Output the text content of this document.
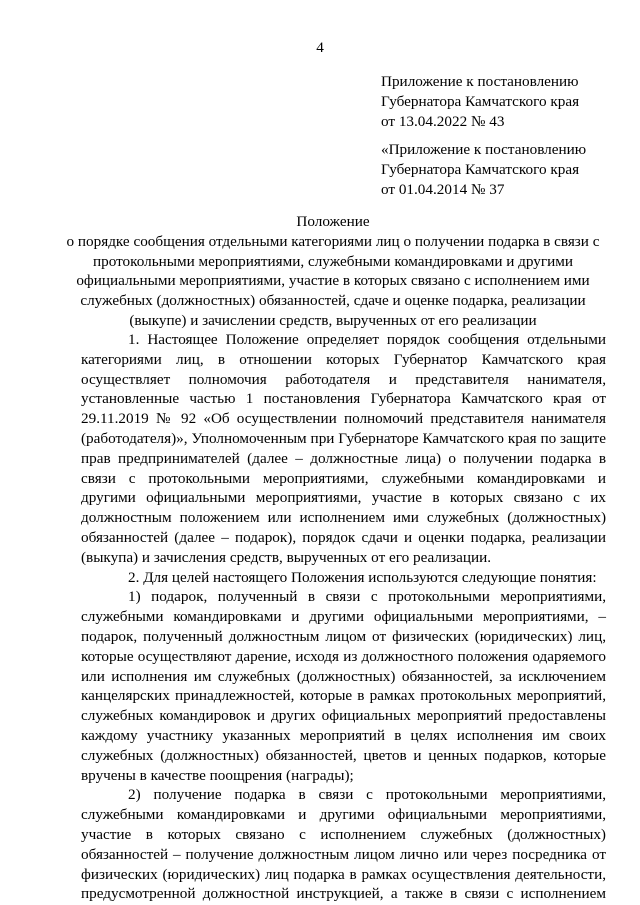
4
Приложение к постановлению
Губернатора Камчатского края
от 13.04.2022 № 43
«Приложение к постановлению
Губернатора Камчатского края
от 01.04.2014 № 37
Положение
о порядке сообщения отдельными категориями лиц о получении подарка в связи с
протокольными мероприятиями, служебными командировками и другими
официальными мероприятиями, участие в которых связано с исполнением ими
служебных (должностных) обязанностей, сдаче и оценке подарка, реализации
(выкупе) и зачислении средств, вырученных от его реализации

1. Настоящее Положение определяет порядок сообщения отдельными категориями лиц, в отношении которых Губернатор Камчатского края осуществляет полномочия работодателя и представителя нанимателя, установленные частью 1 постановления Губернатора Камчатского края от 29.11.2019 № 92 «Об осуществлении полномочий представителя нанимателя (работодателя)», Уполномоченным при Губернаторе Камчатского края по защите прав предпринимателей (далее – должностные лица) о получении подарка в связи с протокольными мероприятиями, служебными командировками и другими официальными мероприятиями, участие в которых связано с их должностным положением или исполнением ими служебных (должностных) обязанностей (далее – подарок), порядок сдачи и оценки подарка, реализации (выкупа) и зачисления средств, вырученных от его реализации.

2. Для целей настоящего Положения используются следующие понятия:

1) подарок, полученный в связи с протокольными мероприятиями, служебными командировками и другими официальными мероприятиями, – подарок, полученный должностным лицом от физических (юридических) лиц, которые осуществляют дарение, исходя из должностного положения одаряемого или исполнения им служебных (должностных) обязанностей, за исключением канцелярских принадлежностей, которые в рамках протокольных мероприятий, служебных командировок и других официальных мероприятий предоставлены каждому участнику указанных мероприятий в целях исполнения им своих служебных (должностных) обязанностей, цветов и ценных подарков, которые вручены в качестве поощрения (награды);

2) получение подарка в связи с протокольными мероприятиями, служебными командировками и другими официальными мероприятиями, участие в которых связано с исполнением служебных (должностных) обязанностей – получение должностным лицом лично или через посредника от физических (юридических) лиц подарка в рамках осуществления деятельности, предусмотренной должностной инструкцией, а также в связи с исполнением
